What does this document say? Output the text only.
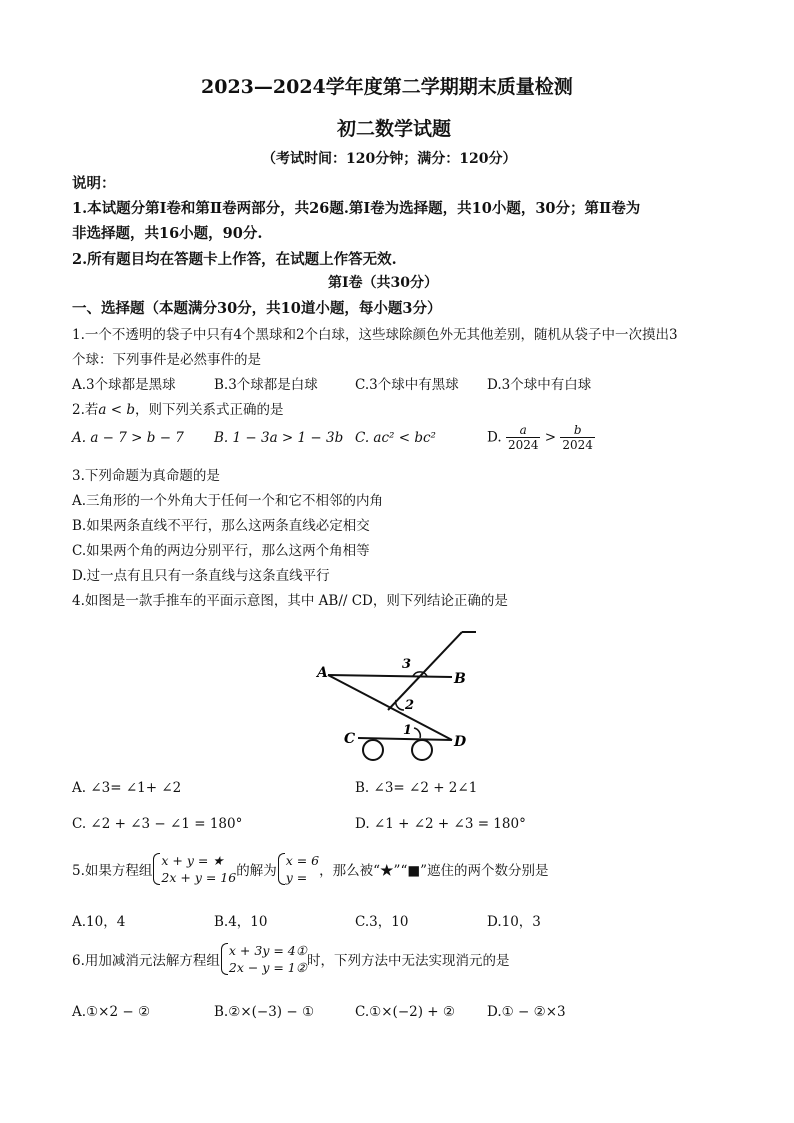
2023—2024学年度第二学期期末质量检测
初二数学试题
（考试时间：120分钟；满分：120分）
说明：
1.本试题分第Ⅰ卷和第Ⅱ卷两部分，共26题.第Ⅰ卷为选择题，共10小题，30分；第Ⅱ卷为
非选择题，共16小题，90分.
2.所有题目均在答题卡上作答，在试题上作答无效.
第Ⅰ卷（共30分）
一、选择题（本题满分30分，共10道小题，每小题3分）
1.一个不透明的袋子中只有4个黑球和2个白球，这些球除颜色外无其他差别，随机从袋子中一次摸出3
个球：下列事件是必然事件的是
A.3个球都是黑球	B.3个球都是白球	C.3个球中有黑球 D.3个球中有白球
2.若a < b，则下列关系式正确的是
A. a − 7 > b − 7 B. 1 − 3a > 1 − 3b C. ac² < bc²	D. $\frac{a}{2024} > \frac{b}{2024}$
3.下列命题为真命题的是
A.三角形的一个外角大于任何一个和它不相邻的内角
B.如果两条直线不平行，那么这两条直线必定相交
C.如果两个角的两边分别平行，那么这两个角相等
D.过一点有且只有一条直线与这条直线平行
4.如图是一款手推车的平面示意图，其中 AB// CD，则下列结论正确的是
A	B
C	D
1
2
3
A. ∠3= ∠1+ ∠2	B. ∠3= ∠2 + 2∠1
C. ∠2 + ∠3 − ∠1 = 180°	D. ∠1 + ∠2 + ∠3 = 180°
5.如果方程组
x + y = ★
2x + y = 16 的解为
x = 6
y = ，那么被“★”“■”遮住的两个数分别是
A.10，4	B.4，10	C.3，10	D.10，3
6.用加减消元法解方程组
x + 3y = 4①
2x − y = 1② 时，下列方法中无法实现消元的是
A.①×2 − ②	B.②×(−3) − ①	C.①×(−2) + ② D.① − ②×3
